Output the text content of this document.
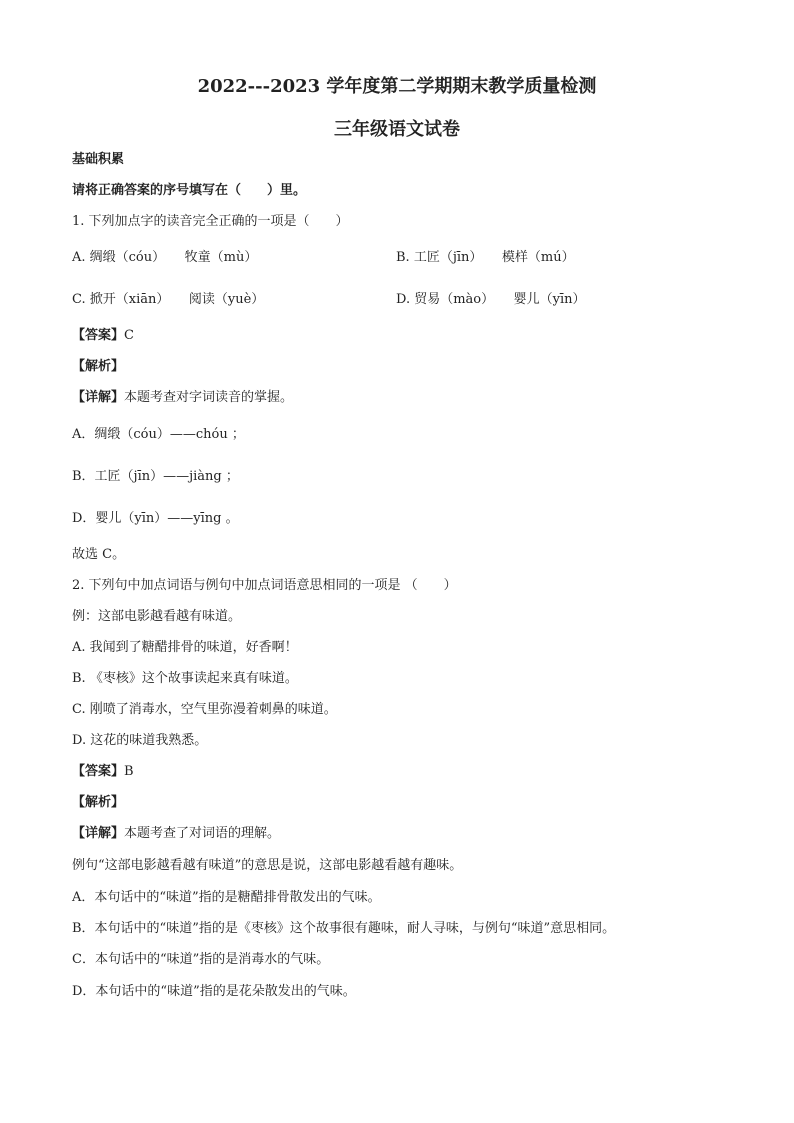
2022---2023 学年度第二学期期末教学质量检测
三年级语文试卷
基础积累
请将正确答案的序号填写在（　　）里。
1. 下列加点字的读音完全正确的一项是（　　）
A. 绸缎（cóu）　　牧童（mù）	B. 工匠（jīn）　　模样（mú）
C. 掀开（xiān）　　阅读（yuè）	D. 贸易（mào）　　婴儿（yīn）
【答案】C
【解析】
【详解】本题考查对字词读音的掌握。
A．绸缎（cóu）——chóu ；
B．工匠（jīn）——jiàng ；
D．婴儿（yīn）——yīng 。
故选 C。
2. 下列句中加点词语与例句中加点词语意思相同的一项是 （　　）
例：这部电影越看越有味道。
A. 我闻到了糖醋排骨的味道，好香啊！
B. 《枣核》这个故事读起来真有味道。
C. 刚喷了消毒水，空气里弥漫着刺鼻的味道。
D. 这花的味道我熟悉。
【答案】B
【解析】
【详解】本题考查了对词语的理解。
例句“这部电影越看越有味道”的意思是说，这部电影越看越有趣味。
A．本句话中的“味道”指的是糖醋排骨散发出的气味。
B．本句话中的“味道”指的是《枣核》这个故事很有趣味，耐人寻味，与例句“味道”意思相同。
C．本句话中的“味道”指的是消毒水的气味。
D．本句话中的“味道”指的是花朵散发出的气味。
